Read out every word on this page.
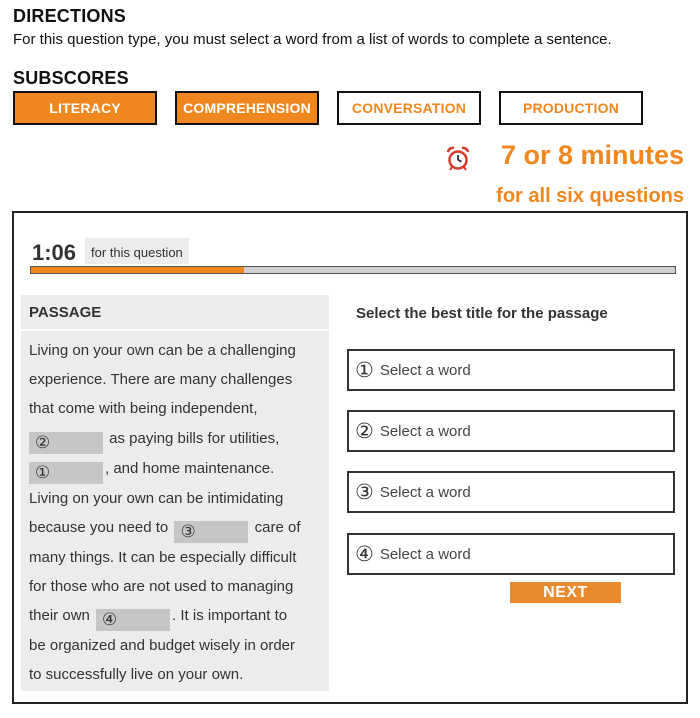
DIRECTIONS
For this question type, you must select a word from a list of words to complete a sentence.
SUBSCORES
LITERACY	COMPREHENSION	CONVERSATION	PRODUCTION
7 or 8 minutes
for all six questions
1:06	for this question
PASSAGE
Living on your own can be a challenging
experience. There are many challenges
that come with being independent,
②	as paying bills for utilities,
①	, and home maintenance.
Living on your own can be intimidating
because you need to ③	care of
many things. It can be especially difficult
for those who are not used to managing
their own ④	. It is important to
be organized and budget wisely in order
to successfully live on your own.
Select the best title for the passage
① Select a word
② Select a word
③ Select a word
④ Select a word
NEXT
